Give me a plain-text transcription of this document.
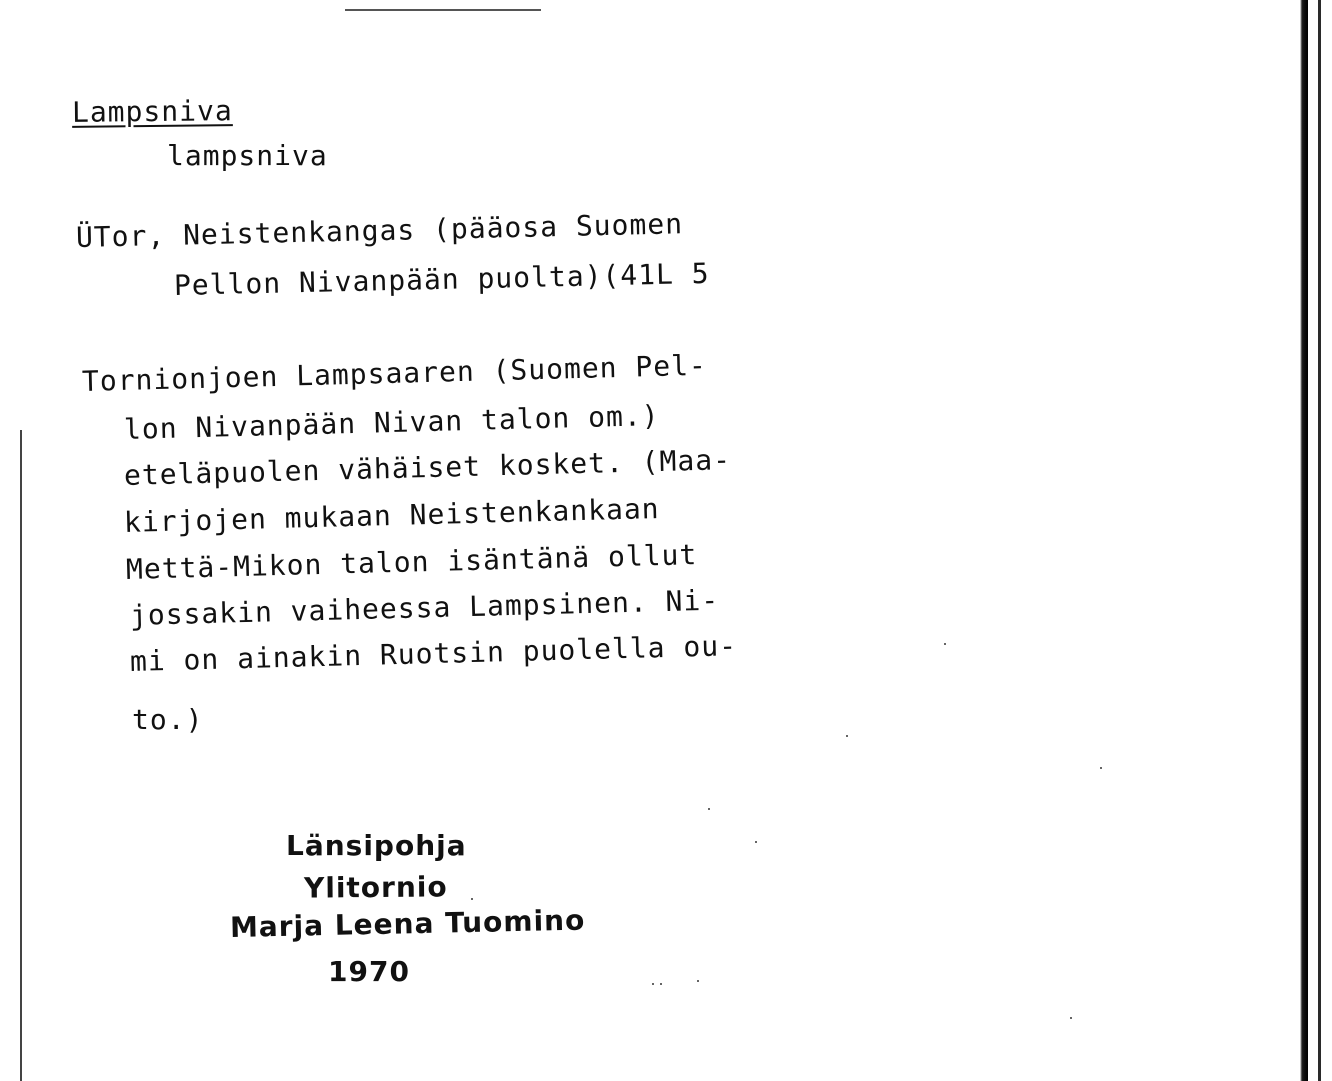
Lampsniva
lampsniva
ÜTor, Neistenkangas (pääosa Suomen
Pellon Nivanpään puolta)(41L 5
Tornionjoen Lampsaaren (Suomen Pel-
lon Nivanpään Nivan talon om.)
eteläpuolen vähäiset kosket. (Maa-
kirjojen mukaan Neistenkankaan
Mettä-Mikon talon isäntänä ollut
jossakin vaiheessa Lampsinen. Ni-
mi on ainakin Ruotsin puolella ou-
to.)
Länsipohja
Ylitornio
Marja Leena Tuomino
1970
